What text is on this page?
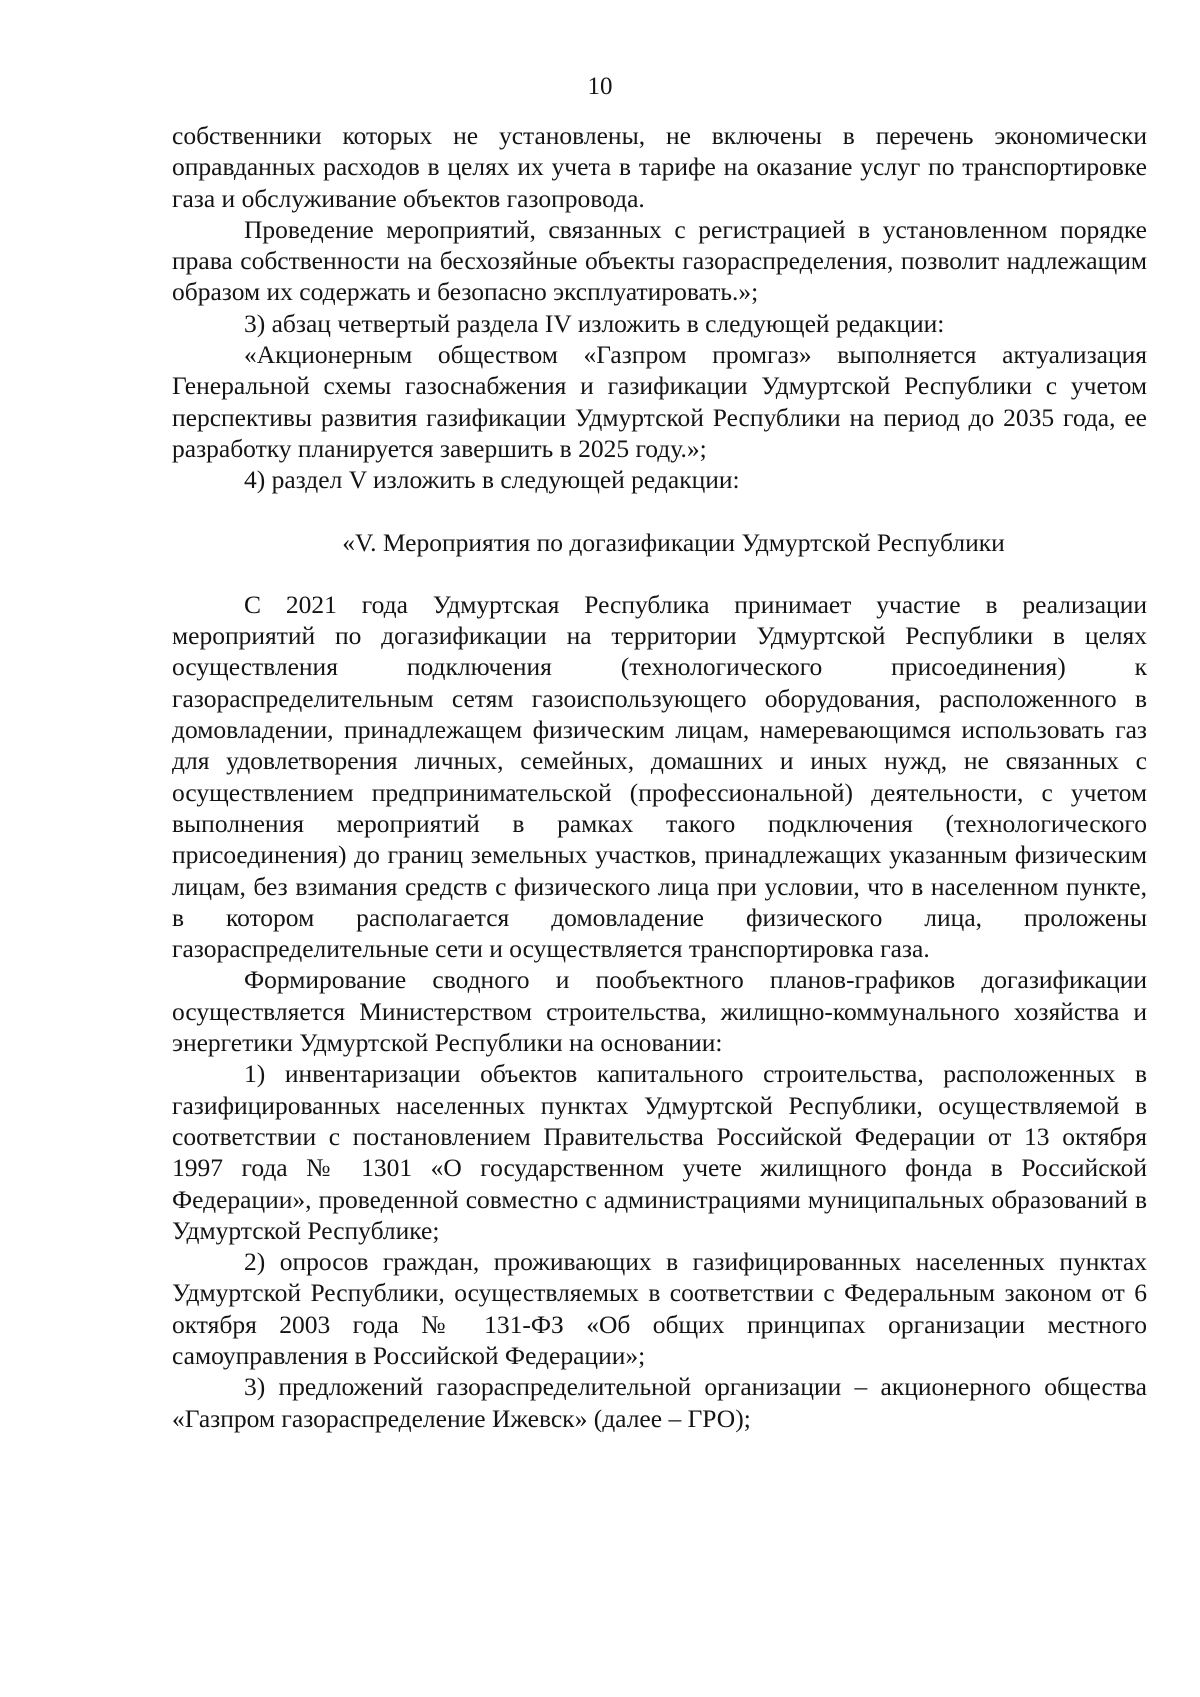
10

собственники которых не установлены, не включены в перечень экономически оправданных расходов в целях их учета в тарифе на оказание услуг по транспортировке газа и обслуживание объектов газопровода.

Проведение мероприятий, связанных с регистрацией в установленном порядке права собственности на бесхозяйные объекты газораспределения, позволит надлежащим образом их содержать и безопасно эксплуатировать.»;

3) абзац четвертый раздела IV изложить в следующей редакции:

«Акционерным обществом «Газпром промгаз» выполняется актуализация Генеральной схемы газоснабжения и газификации Удмуртской Республики с учетом перспективы развития газификации Удмуртской Республики на период до 2035 года, ее разработку планируется завершить в 2025 году.»;

4) раздел V изложить в следующей редакции:

«V. Мероприятия по догазификации Удмуртской Республики

С 2021 года Удмуртская Республика принимает участие в реализации мероприятий по догазификации на территории Удмуртской Республики в целях осуществления подключения (технологического присоединения) к газораспределительным сетям газоиспользующего оборудования, расположенного в домовладении, принадлежащем физическим лицам, намеревающимся использовать газ для удовлетворения личных, семейных, домашних и иных нужд, не связанных с осуществлением предпринимательской (профессиональной) деятельности, с учетом выполнения мероприятий в рамках такого подключения (технологического присоединения) до границ земельных участков, принадлежащих указанным физическим лицам, без взимания средств с физического лица при условии, что в населенном пункте, в котором располагается домовладение физического лица, проложены газораспределительные сети и осуществляется транспортировка газа.

Формирование сводного и пообъектного планов-графиков догазификации осуществляется Министерством строительства, жилищно-коммунального хозяйства и энергетики Удмуртской Республики на основании:

1) инвентаризации объектов капитального строительства, расположенных в газифицированных населенных пунктах Удмуртской Республики, осуществляемой в соответствии с постановлением Правительства Российской Федерации от 13 октября 1997 года № 1301 «О государственном учете жилищного фонда в Российской Федерации», проведенной совместно с администрациями муниципальных образований в Удмуртской Республике;

2) опросов граждан, проживающих в газифицированных населенных пунктах Удмуртской Республики, осуществляемых в соответствии с Федеральным законом от 6 октября 2003 года № 131-ФЗ «Об общих принципах организации местного самоуправления в Российской Федерации»;

3) предложений газораспределительной организации – акционерного общества «Газпром газораспределение Ижевск» (далее – ГРО);
